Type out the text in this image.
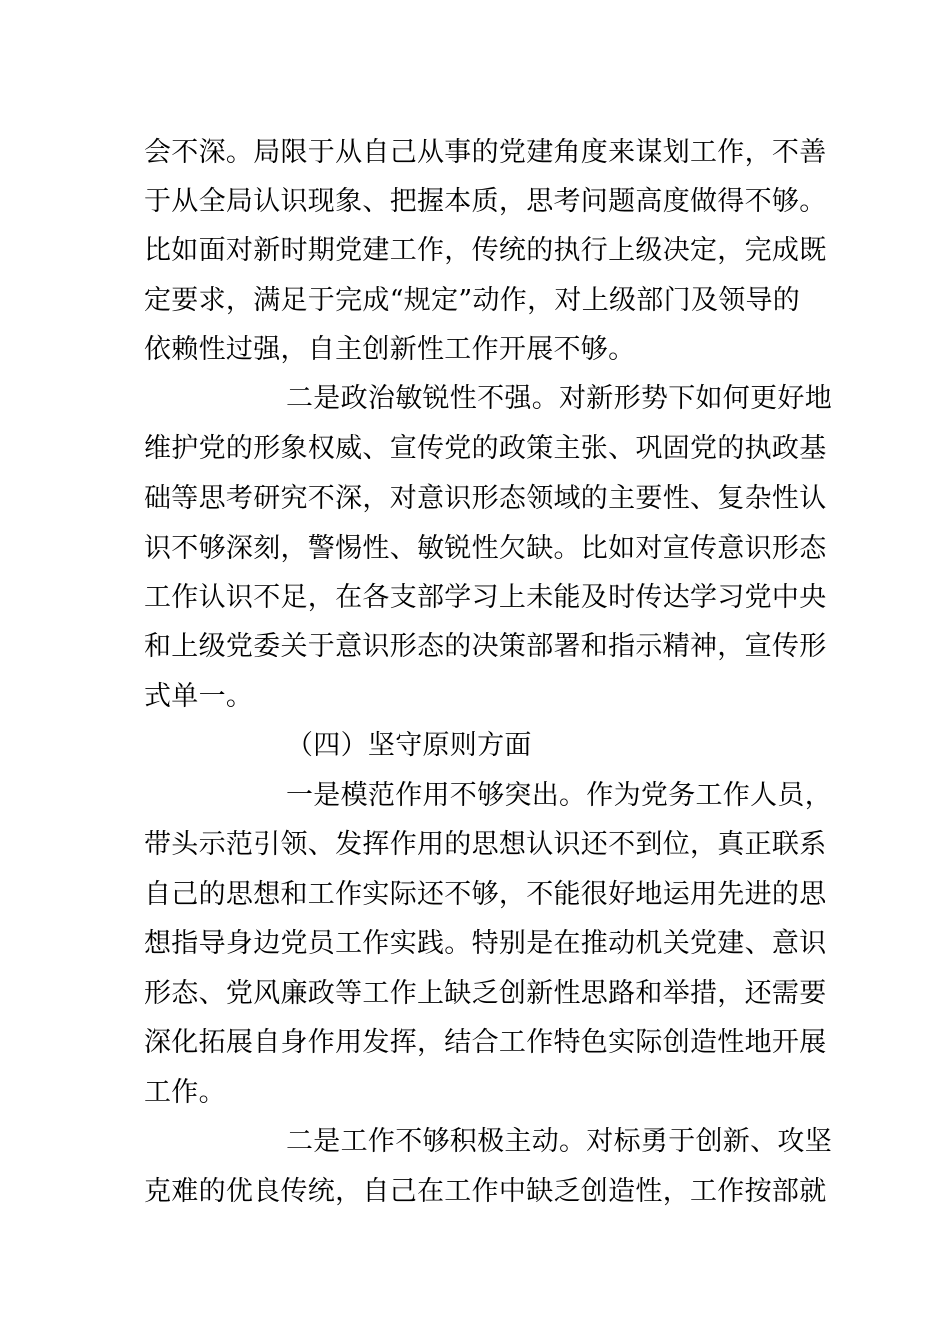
会不深。局限于从自己从事的党建角度来谋划工作，不善
于从全局认识现象、把握本质，思考问题高度做得不够。
比如面对新时期党建工作，传统的执行上级决定，完成既
定要求，满足于完成“规定”动作，对上级部门及领导的
依赖性过强，自主创新性工作开展不够。
二是政治敏锐性不强。对新形势下如何更好地
维护党的形象权威、宣传党的政策主张、巩固党的执政基
础等思考研究不深，对意识形态领域的主要性、复杂性认
识不够深刻，警惕性、敏锐性欠缺。比如对宣传意识形态
工作认识不足，在各支部学习上未能及时传达学习党中央
和上级党委关于意识形态的决策部署和指示精神，宣传形
式单一。
（四）坚守原则方面
一是模范作用不够突出。作为党务工作人员，
带头示范引领、发挥作用的思想认识还不到位，真正联系
自己的思想和工作实际还不够，不能很好地运用先进的思
想指导身边党员工作实践。特别是在推动机关党建、意识
形态、党风廉政等工作上缺乏创新性思路和举措，还需要
深化拓展自身作用发挥，结合工作特色实际创造性地开展
工作。
二是工作不够积极主动。对标勇于创新、攻坚
克难的优良传统，自己在工作中缺乏创造性，工作按部就
